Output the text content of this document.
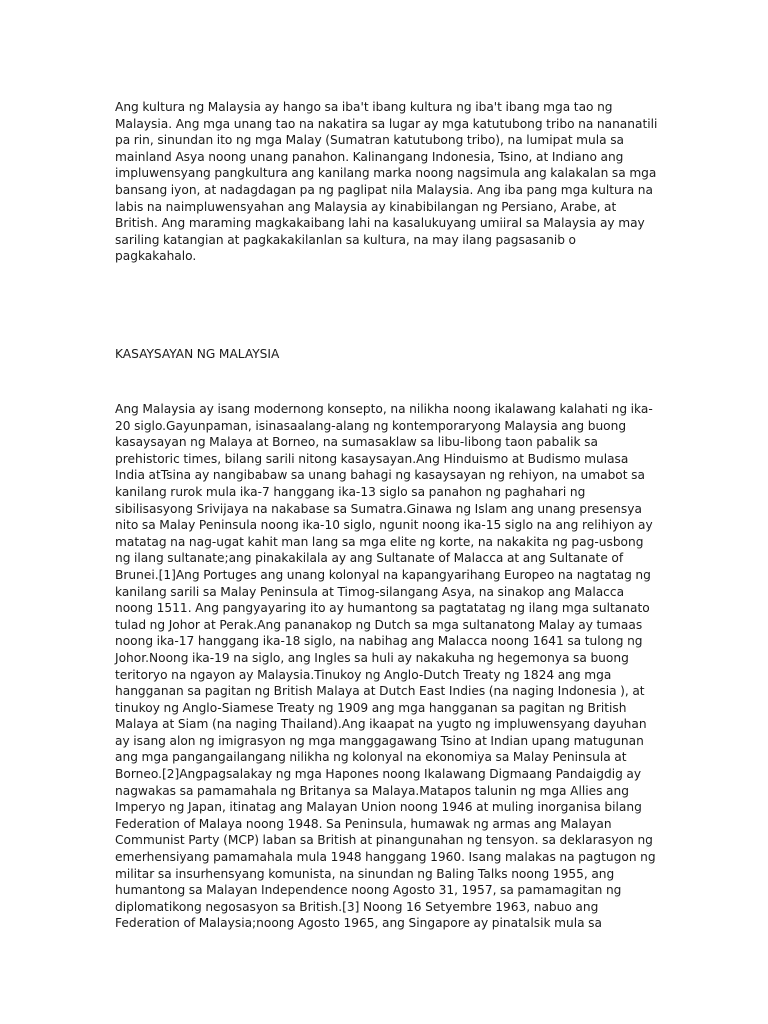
Ang kultura ng Malaysia ay hango sa iba't ibang kultura ng iba't ibang mga tao ng Malaysia. Ang mga unang tao na nakatira sa lugar ay mga katutubong tribo na nananatili pa rin, sinundan ito ng mga Malay (Sumatran katutubong tribo), na lumipat mula sa mainland Asya noong unang panahon. Kalinangang Indonesia, Tsino, at Indiano ang impluwensyang pangkultura ang kanilang marka noong nagsimula ang kalakalan sa mga bansang iyon, at nadagdagan pa ng paglipat nila Malaysia. Ang iba pang mga kultura na labis na naimpluwensyahan ang Malaysia ay kinabibilangan ng Persiano, Arabe, at British. Ang maraming magkakaibang lahi na kasalukuyang umiiral sa Malaysia ay may sariling katangian at pagkakakilanlan sa kultura, na may ilang pagsasanib o pagkakahalo.

KASAYSAYAN NG MALAYSIA

Ang Malaysia ay isang modernong konsepto, na nilikha noong ikalawang kalahati ng ika-20 siglo.Gayunpaman, isinasaalang-alang ng kontemporaryong Malaysia ang buong kasaysayan ng Malaya at Borneo, na sumasaklaw sa libu-libong taon pabalik sa prehistoric times, bilang sarili nitong kasaysayan.Ang Hinduismo at Budismo mulasa India atTsina ay nangibabaw sa unang bahagi ng kasaysayan ng rehiyon, na umabot sa kanilang rurok mula ika-7 hanggang ika-13 siglo sa panahon ng paghahari ng sibilisasyong Srivijaya na nakabase sa Sumatra.Ginawa ng Islam ang unang presensya nito sa Malay Peninsula noong ika-10 siglo, ngunit noong ika-15 siglo na ang relihiyon ay matatag na nag-ugat kahit man lang sa mga elite ng korte, na nakakita ng pag-usbong ng ilang sultanate;ang pinakakilala ay ang Sultanate of Malacca at ang Sultanate of Brunei.[1]Ang Portuges ang unang kolonyal na kapangyarihang Europeo na nagtatag ng kanilang sarili sa Malay Peninsula at Timog-silangang Asya, na sinakop ang Malacca noong 1511. Ang pangyayaring ito ay humantong sa pagtatatag ng ilang mga sultanato tulad ng Johor at Perak.Ang pananakop ng Dutch sa mga sultanatong Malay ay tumaas noong ika-17 hanggang ika-18 siglo, na nabihag ang Malacca noong 1641 sa tulong ng Johor.Noong ika-19 na siglo, ang Ingles sa huli ay nakakuha ng hegemonya sa buong teritoryo na ngayon ay Malaysia.Tinukoy ng Anglo-Dutch Treaty ng 1824 ang mga hangganan sa pagitan ng British Malaya at Dutch East Indies (na naging Indonesia ), at tinukoy ng Anglo-Siamese Treaty ng 1909 ang mga hangganan sa pagitan ng British Malaya at Siam (na naging Thailand).Ang ikaapat na yugto ng impluwensyang dayuhan ay isang alon ng imigrasyon ng mga manggagawang Tsino at Indian upang matugunan ang mga pangangailangang nilikha ng kolonyal na ekonomiya sa Malay Peninsula at Borneo.[2]Angpagsalakay ng mga Hapones noong Ikalawang Digmaang Pandaigdig ay nagwakas sa pamamahala ng Britanya sa Malaya.Matapos talunin ng mga Allies ang Imperyo ng Japan, itinatag ang Malayan Union noong 1946 at muling inorganisa bilang Federation of Malaya noong 1948. Sa Peninsula, humawak ng armas ang Malayan Communist Party (MCP) laban sa British at pinangunahan ng tensyon. sa deklarasyon ng emerhensiyang pamamahala mula 1948 hanggang 1960. Isang malakas na pagtugon ng militar sa insurhensyang komunista, na sinundan ng Baling Talks noong 1955, ang humantong sa Malayan Independence noong Agosto 31, 1957, sa pamamagitan ng diplomatikong negosasyon sa British.[3] Noong 16 Setyembre 1963, nabuo ang Federation of Malaysia;noong Agosto 1965, ang Singapore ay pinatalsik mula sa
